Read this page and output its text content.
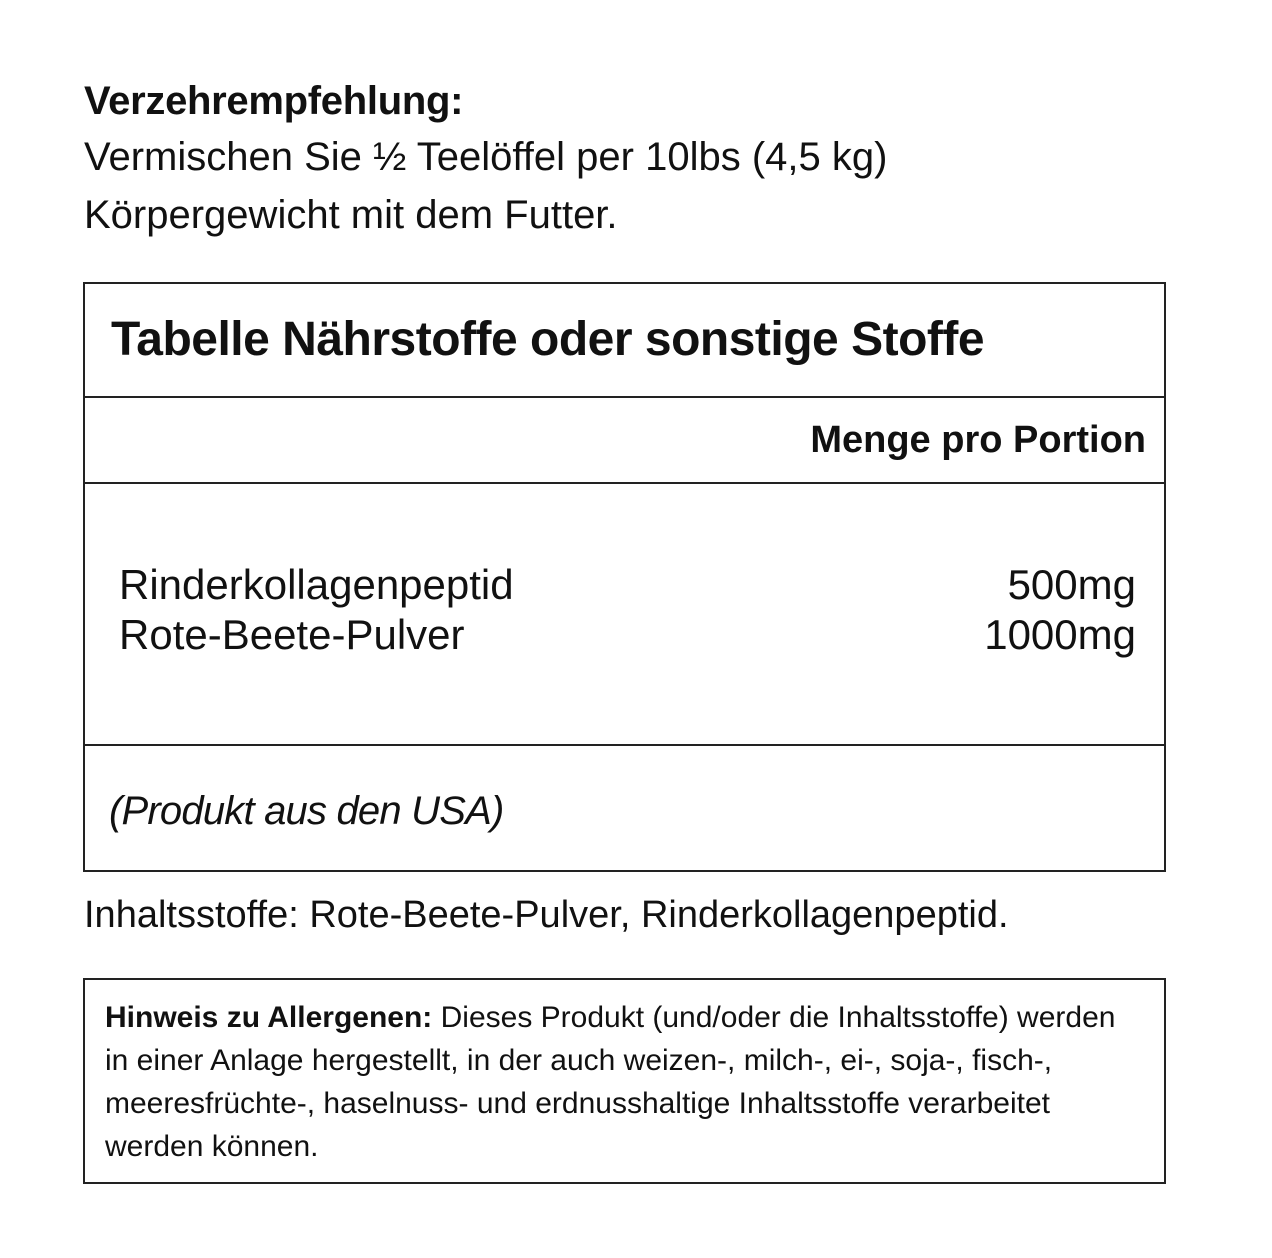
Verzehrempfehlung:
Vermischen Sie ½ Teelöffel per 10lbs (4,5 kg)
Körpergewicht mit dem Futter.
Tabelle Nährstoffe oder sonstige Stoffe
Menge pro Portion
Rinderkollagenpeptid	500mg
Rote-Beete-Pulver	1000mg
(Produkt aus den USA)
Inhaltsstoffe: Rote-Beete-Pulver, Rinderkollagenpeptid.
Hinweis zu Allergenen: Dieses Produkt (und/oder die Inhaltsstoffe) werden in einer Anlage hergestellt, in der auch weizen-, milch-, ei-, soja-, fisch-, meeresfrüchte-, haselnuss- und erdnusshaltige Inhaltsstoffe verarbeitet werden können.
